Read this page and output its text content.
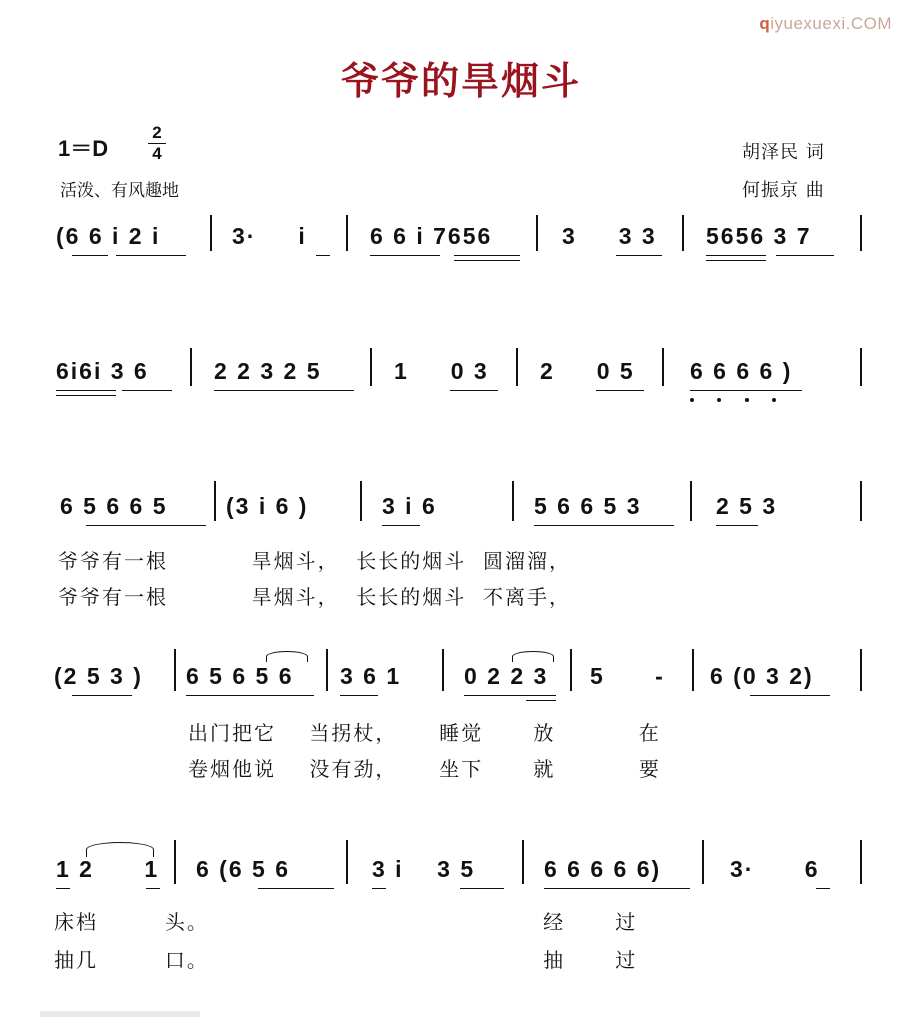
qiyuexuexi.COM
爷爷的旱烟斗
1＝D
2
4
活泼、有风趣地
胡泽民 词
何振京 曲
(6 6 i 2 i	3·     i	6 6 i 7656	3     3 3 5656 3 7
6i6i 3 6	2 2 3 2 5	1     0 3 2     0 5 6 6 6 6 )
6 5 6 6 5	(3 i 6 )	3 i 6	5 6 6 5 3	2 5 3
爷爷有一根          旱烟斗，  长长的烟斗  圆溜溜，
爷爷有一根          旱烟斗，  长长的烟斗  不离手，
(2 5 3 ) 6 5 6 5 6 3 6 1	0 2 2 3 5      - 6 (0 3 2)
出门把它    当拐杖，     睡觉      放          在
卷烟他说    没有劲，     坐下      就          要
1 2      1 6 (6 5 6	3 i    3 5	6 6 6 6 6)	3·      6
床档        头。                                        经      过
抽几        口。                                        抽      过
